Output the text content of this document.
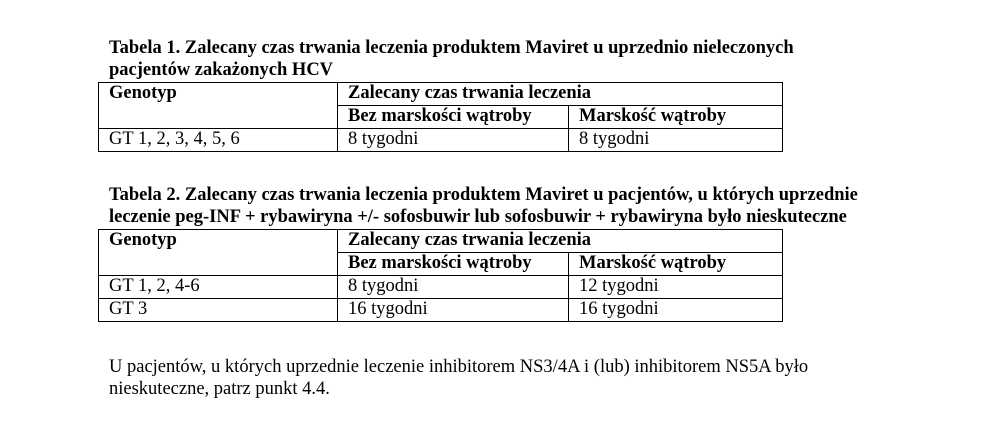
Tabela 1. Zalecany czas trwania leczenia produktem Maviret u uprzednio nieleczonych
pacjentów zakażonych HCV

Genotyp	Zalecany czas trwania leczenia	
	Bez marskości wątroby	Marskość wątroby
GT 1, 2, 3, 4, 5, 6	8 tygodni	8 tygodni

Tabela 2. Zalecany czas trwania leczenia produktem Maviret u pacjentów, u których uprzednie
leczenie peg-INF + rybawiryna +/- sofosbuwir lub sofosbuwir + rybawiryna było nieskuteczne

Genotyp	Zalecany czas trwania leczenia	
	Bez marskości wątroby	Marskość wątroby
GT 1, 2, 4-6	8 tygodni	12 tygodni
GT 3	16 tygodni	16 tygodni

U pacjentów, u których uprzednie leczenie inhibitorem NS3/4A i (lub) inhibitorem NS5A było
nieskuteczne, patrz punkt 4.4.
